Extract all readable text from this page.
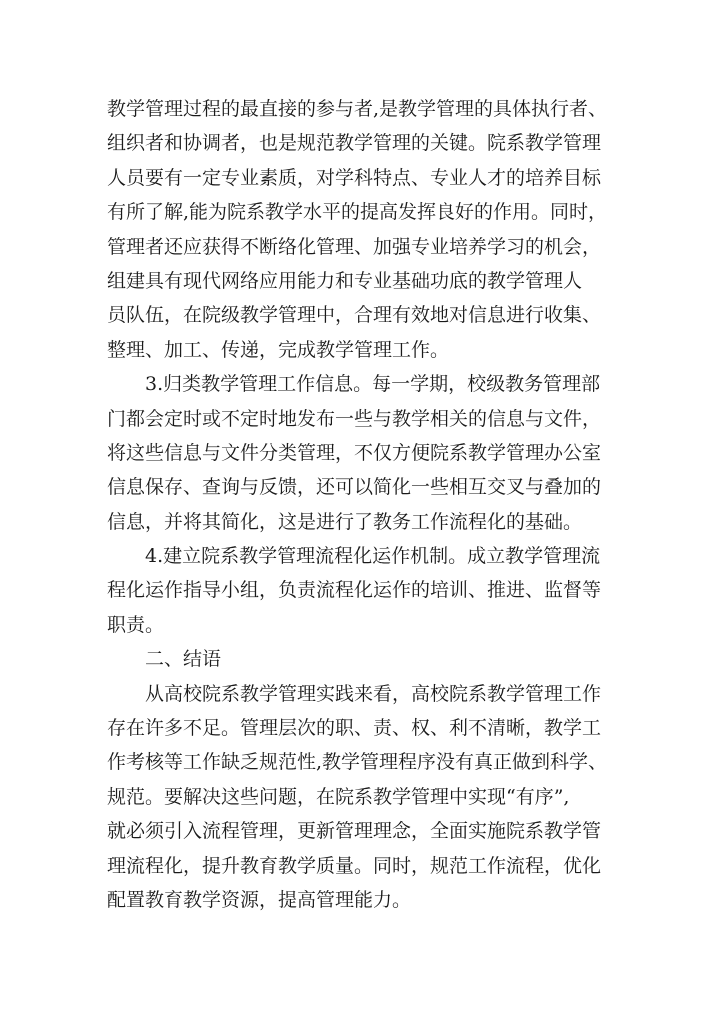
教学管理过程的最直接的参与者,是教学管理的具体执行者、
组织者和协调者，也是规范教学管理的关键。院系教学管理
人员要有一定专业素质，对学科特点、专业人才的培养目标
有所了解,能为院系教学水平的提高发挥良好的作用。同时，
管理者还应获得不断络化管理、加强专业培养学习的机会，
组建具有现代网络应用能力和专业基础功底的教学管理人
员队伍，在院级教学管理中，合理有效地对信息进行收集、
整理、加工、传递，完成教学管理工作。
3.归类教学管理工作信息。每一学期，校级教务管理部
门都会定时或不定时地发布一些与教学相关的信息与文件，
将这些信息与文件分类管理，不仅方便院系教学管理办公室
信息保存、查询与反馈，还可以简化一些相互交叉与叠加的
信息，并将其简化，这是进行了教务工作流程化的基础。
4.建立院系教学管理流程化运作机制。成立教学管理流
程化运作指导小组，负责流程化运作的培训、推进、监督等
职责。
二、结语
从高校院系教学管理实践来看，高校院系教学管理工作
存在许多不足。管理层次的职、责、权、利不清晰，教学工
作考核等工作缺乏规范性,教学管理程序没有真正做到科学、
规范。要解决这些问题，在院系教学管理中实现“有序”,
就必须引入流程管理，更新管理理念，全面实施院系教学管
理流程化，提升教育教学质量。同时，规范工作流程，优化
配置教育教学资源，提高管理能力。
